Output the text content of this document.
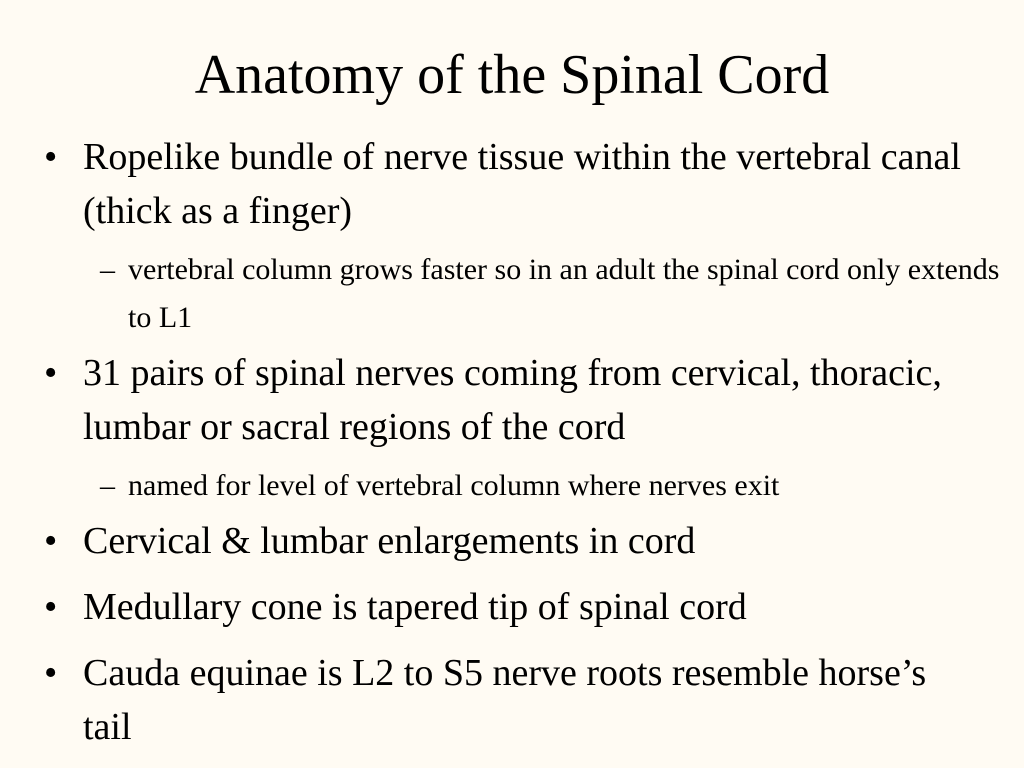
Anatomy of the Spinal Cord
• Ropelike bundle of nerve tissue within the vertebral canal (thick as a finger)
– vertebral column grows faster so in an adult the spinal cord only extends to L1
• 31 pairs of spinal nerves coming from cervical, thoracic, lumbar or sacral regions of the cord
– named for level of vertebral column where nerves exit
• Cervical & lumbar enlargements in cord
• Medullary cone is tapered tip of spinal cord
• Cauda equinae is L2 to S5 nerve roots resemble horse’s tail
